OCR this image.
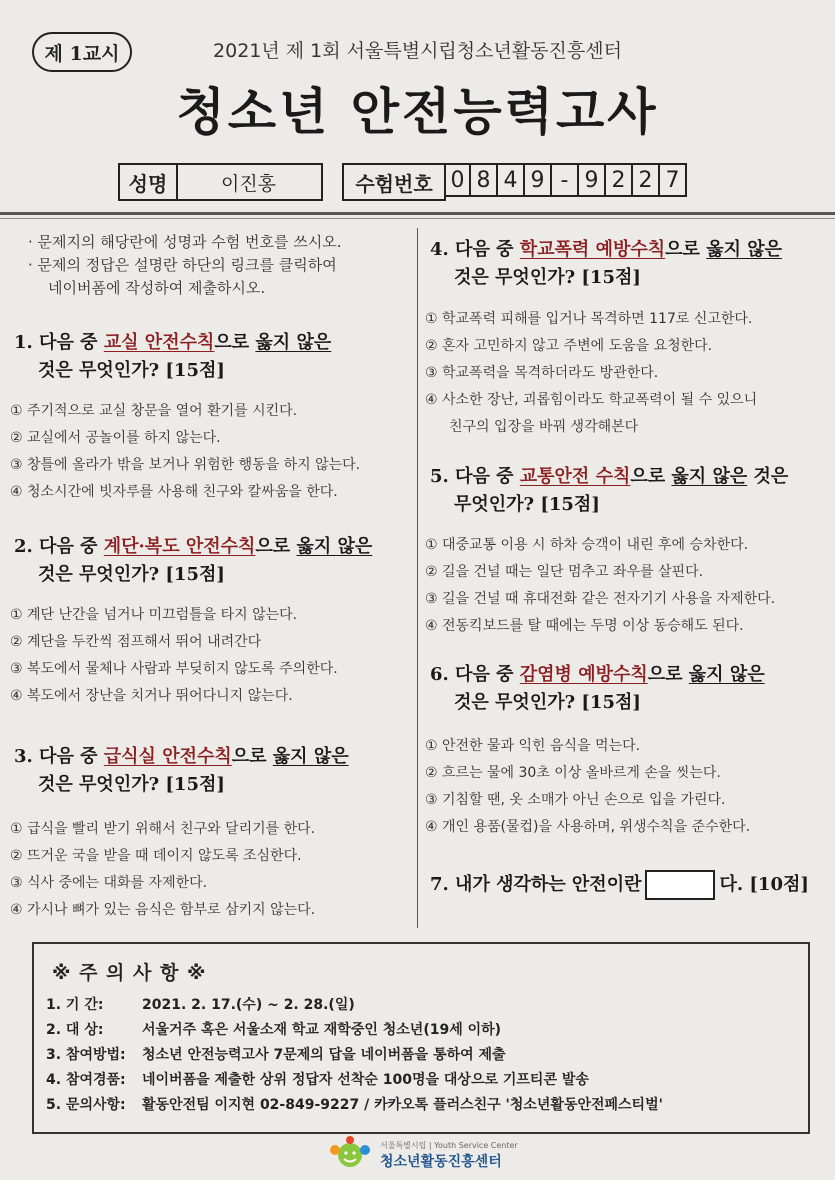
제 1교시	2021년 제 1회 서울특별시립청소년활동진흥센터
청소년 안전능력고사
성명	이진홍	수험번호 0 8 4 9 - 9 2 2 7
· 문제지의 해당란에 성명과 수험 번호를 쓰시오.
· 문제의 정답은 설명란 하단의 링크를 클릭하여
네이버폼에 작성하여 제출하시오.
1. 다음 중 교실 안전수칙으로 옳지 않은
것은 무엇인가? [15점]
① 주기적으로 교실 창문을 열어 환기를 시킨다.
② 교실에서 공놀이를 하지 않는다.
③ 창틀에 올라가 밖을 보거나 위험한 행동을 하지 않는다.
④ 청소시간에 빗자루를 사용해 친구와 칼싸움을 한다.
2. 다음 중 계단·복도 안전수칙으로 옳지 않은
것은 무엇인가? [15점]
① 계단 난간을 넘거나 미끄럼틀을 타지 않는다.
② 계단을 두칸씩 점프해서 뛰어 내려간다
③ 복도에서 물체나 사람과 부딪히지 않도록 주의한다.
④ 복도에서 장난을 치거나 뛰어다니지 않는다.
3. 다음 중 급식실 안전수칙으로 옳지 않은
것은 무엇인가? [15점]
① 급식을 빨리 받기 위해서 친구와 달리기를 한다.
② 뜨거운 국을 받을 때 데이지 않도록 조심한다.
③ 식사 중에는 대화를 자제한다.
④ 가시나 뼈가 있는 음식은 함부로 삼키지 않는다.
4. 다음 중 학교폭력 예방수칙으로 옳지 않은
것은 무엇인가? [15점]
① 학교폭력 피해를 입거나 목격하면 117로 신고한다.
② 혼자 고민하지 않고 주변에 도움을 요청한다.
③ 학교폭력을 목격하더라도 방관한다.
④ 사소한 장난, 괴롭힘이라도 학교폭력이 될 수 있으니
친구의 입장을 바꿔 생각해본다
5. 다음 중 교통안전 수칙으로 옳지 않은 것은
무엇인가? [15점]
① 대중교통 이용 시 하차 승객이 내린 후에 승차한다.
② 길을 건널 때는 일단 멈추고 좌우를 살핀다.
③ 길을 건널 때 휴대전화 같은 전자기기 사용을 자제한다.
④ 전동킥보드를 탈 때에는 두명 이상 동승해도 된다.
6. 다음 중 감염병 예방수칙으로 옳지 않은
것은 무엇인가? [15점]
① 안전한 물과 익힌 음식을 먹는다.
② 흐르는 물에 30초 이상 올바르게 손을 씻는다.
③ 기침할 땐, 옷 소매가 아닌 손으로 입을 가린다.
④ 개인 용품(물컵)을 사용하며, 위생수칙을 준수한다.
7. 내가 생각하는 안전이란	다. [10점]
※ 주 의 사 항 ※
1. 기 간:	2021. 2. 17.(수) ~ 2. 28.(일)
2. 대 상:	서울거주 혹은 서울소재 학교 재학중인 청소년(19세 이하)
3. 참여방법:	청소년 안전능력고사 7문제의 답을 네이버폼을 통하여 제출
4. 참여경품:	네이버폼을 제출한 상위 정답자 선착순 100명을 대상으로 기프티콘 발송
5. 문의사항:	활동안전팀 이지현 02-849-9227 / 카카오톡 플러스친구 '청소년활동안전페스티벌'
서울특별시립 | Youth Service Center
청소년활동진흥센터
